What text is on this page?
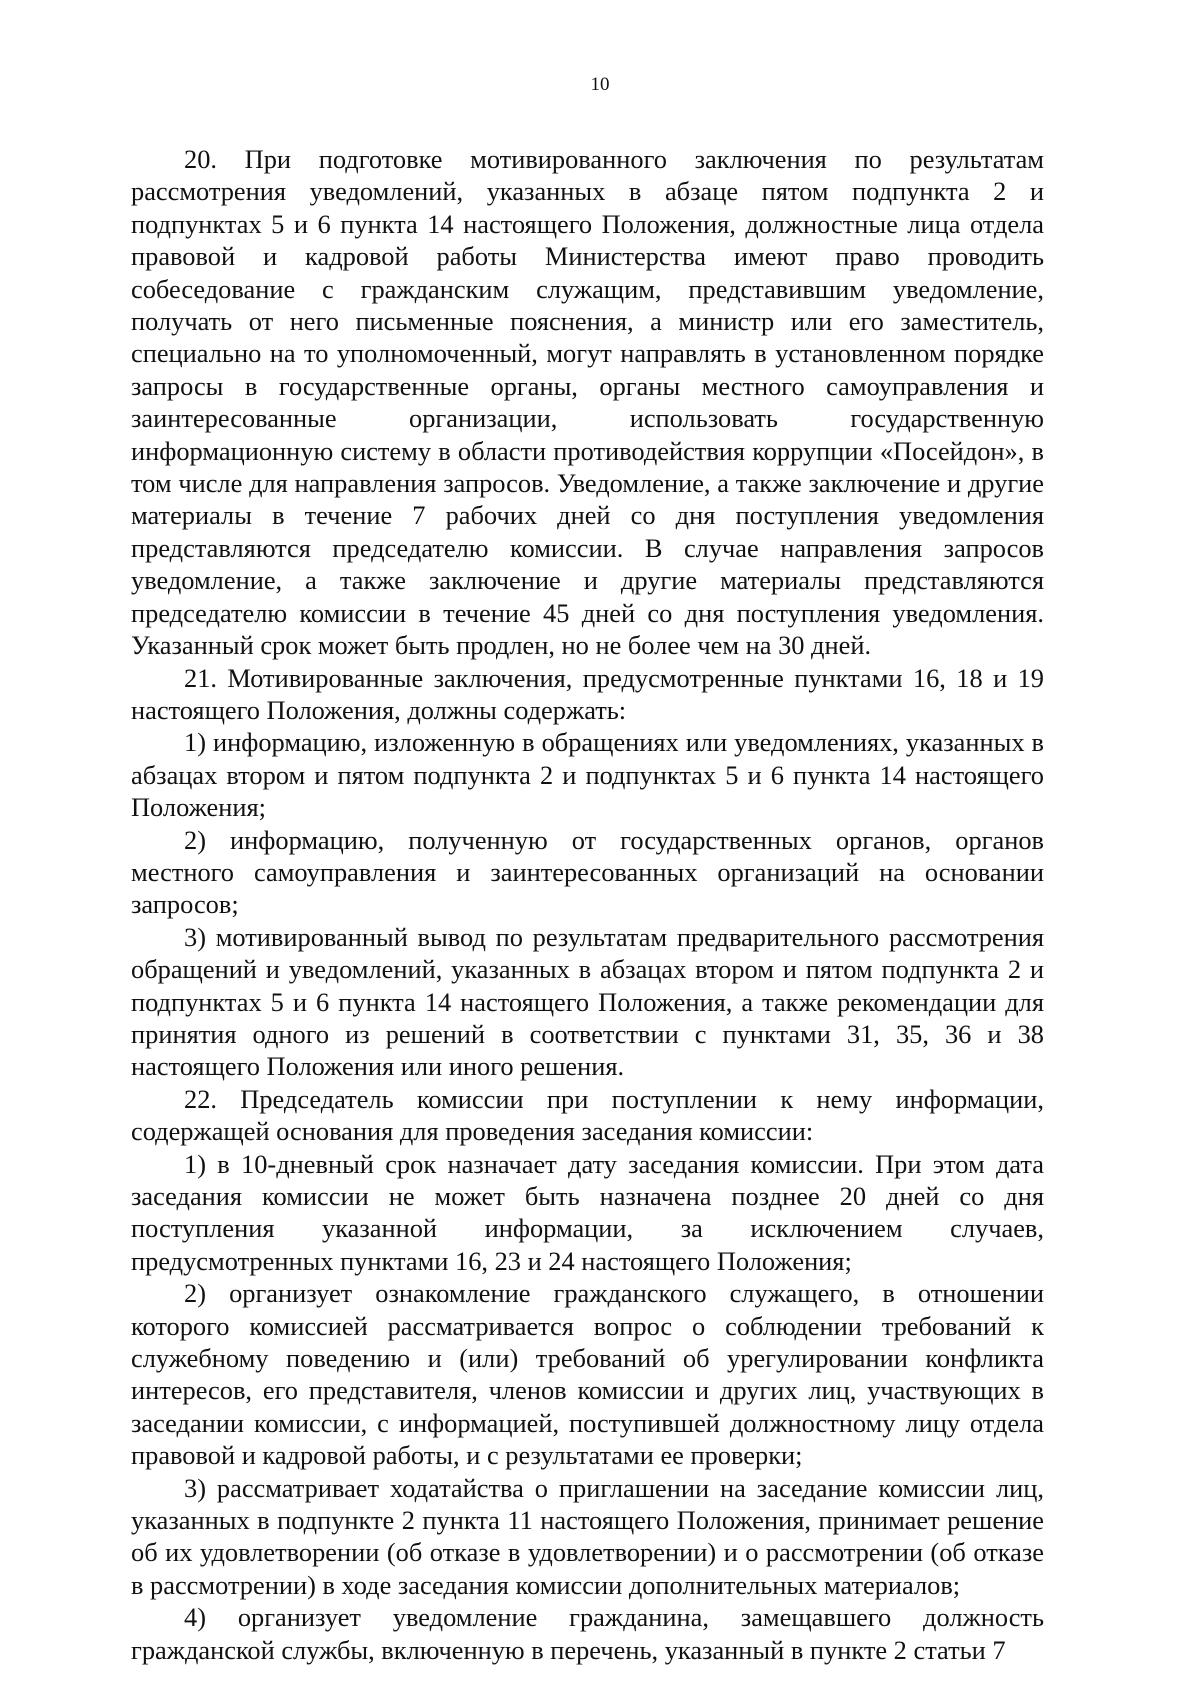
10

20. При подготовке мотивированного заключения по результатам рассмотрения уведомлений, указанных в абзаце пятом подпункта 2 и подпунктах 5 и 6 пункта 14 настоящего Положения, должностные лица отдела правовой и кадровой работы Министерства имеют право проводить собеседование с гражданским служащим, представившим уведомление, получать от него письменные пояснения, а министр или его заместитель, специально на то уполномоченный, могут направлять в установленном порядке запросы в государственные органы, органы местного самоуправления и заинтересованные организации, использовать государственную информационную систему в области противодействия коррупции «Посейдон», в том числе для направления запросов. Уведомление, а также заключение и другие материалы в течение 7 рабочих дней со дня поступления уведомления представляются председателю комиссии. В случае направления запросов уведомление, а также заключение и другие материалы представляются председателю комиссии в течение 45 дней со дня поступления уведомления. Указанный срок может быть продлен, но не более чем на 30 дней.

21. Мотивированные заключения, предусмотренные пунктами 16, 18 и 19 настоящего Положения, должны содержать:

1) информацию, изложенную в обращениях или уведомлениях, указанных в абзацах втором и пятом подпункта 2 и подпунктах 5 и 6 пункта 14 настоящего Положения;

2) информацию, полученную от государственных органов, органов местного самоуправления и заинтересованных организаций на основании запросов;

3) мотивированный вывод по результатам предварительного рассмотрения обращений и уведомлений, указанных в абзацах втором и пятом подпункта 2 и подпунктах 5 и 6 пункта 14 настоящего Положения, а также рекомендации для принятия одного из решений в соответствии с пунктами 31, 35, 36 и 38 настоящего Положения или иного решения.

22. Председатель комиссии при поступлении к нему информации, содержащей основания для проведения заседания комиссии:

1) в 10-дневный срок назначает дату заседания комиссии. При этом дата заседания комиссии не может быть назначена позднее 20 дней со дня поступления указанной информации, за исключением случаев, предусмотренных пунктами 16, 23 и 24 настоящего Положения;

2) организует ознакомление гражданского служащего, в отношении которого комиссией рассматривается вопрос о соблюдении требований к служебному поведению и (или) требований об урегулировании конфликта интересов, его представителя, членов комиссии и других лиц, участвующих в заседании комиссии, с информацией, поступившей должностному лицу отдела правовой и кадровой работы, и с результатами ее проверки;

3) рассматривает ходатайства о приглашении на заседание комиссии лиц, указанных в подпункте 2 пункта 11 настоящего Положения, принимает решение об их удовлетворении (об отказе в удовлетворении) и о рассмотрении (об отказе в рассмотрении) в ходе заседания комиссии дополнительных материалов;

4) организует уведомление гражданина, замещавшего должность гражданской службы, включенную в перечень, указанный в пункте 2 статьи 7
